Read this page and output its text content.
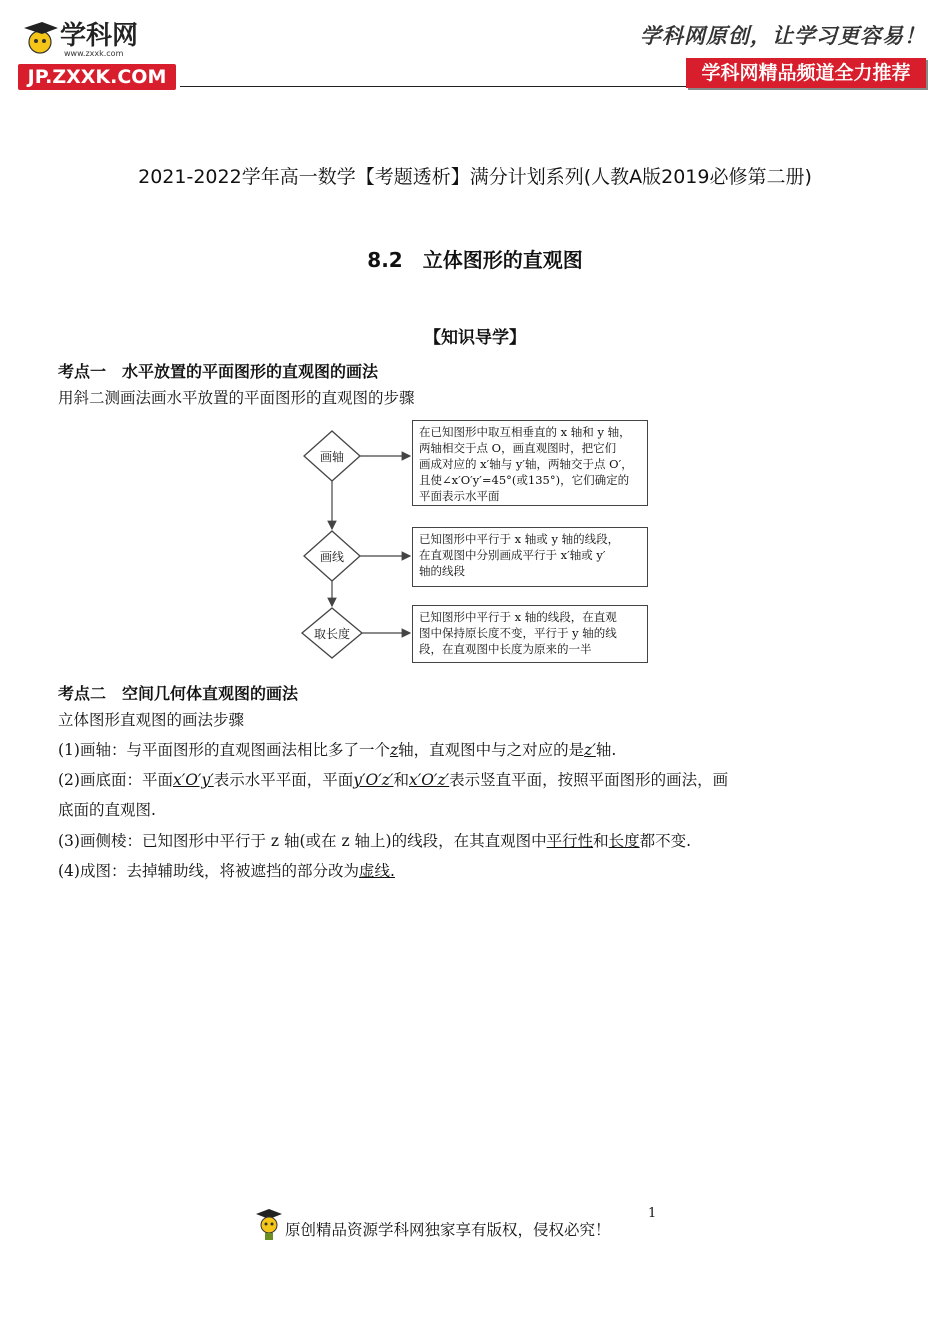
学科网
www.zxxk.com
JP.ZXXK.COM
学科网原创，让学习更容易！
学科网精品频道全力推荐
2021-2022学年高一数学【考题透析】满分计划系列(人教A版2019必修第二册)
8.2　立体图形的直观图
【知识导学】
考点一　水平放置的平面图形的直观图的画法
用斜二测画法画水平放置的平面图形的直观图的步骤
画轴
画线
取长度
在已知图形中取互相垂直的 x 轴和 y 轴，
两轴相交于点 O，画直观图时，把它们
画成对应的 x′轴与 y′轴，两轴交于点 O′，
且使∠x′O′y′=45°(或135°)，它们确定的
平面表示水平面
已知图形中平行于 x 轴或 y 轴的线段，
在直观图中分别画成平行于 x′轴或 y′
轴的线段
已知图形中平行于 x 轴的线段，在直观
图中保持原长度不变，平行于 y 轴的线
段，在直观图中长度为原来的一半
考点二　空间几何体直观图的画法
立体图形直观图的画法步骤
(1)画轴：与平面图形的直观图画法相比多了一个z轴，直观图中与之对应的是z′轴.
(2)画底面：平面x′O′y′表示水平平面，平面y′O′z′和x′O′z′表示竖直平面，按照平面图形的画法，画
底面的直观图.
(3)画侧棱：已知图形中平行于 z 轴(或在 z 轴上)的线段，在其直观图中平行性和长度都不变.
(4)成图：去掉辅助线，将被遮挡的部分改为虚线.
原创精品资源学科网独家享有版权，侵权必究！
1
